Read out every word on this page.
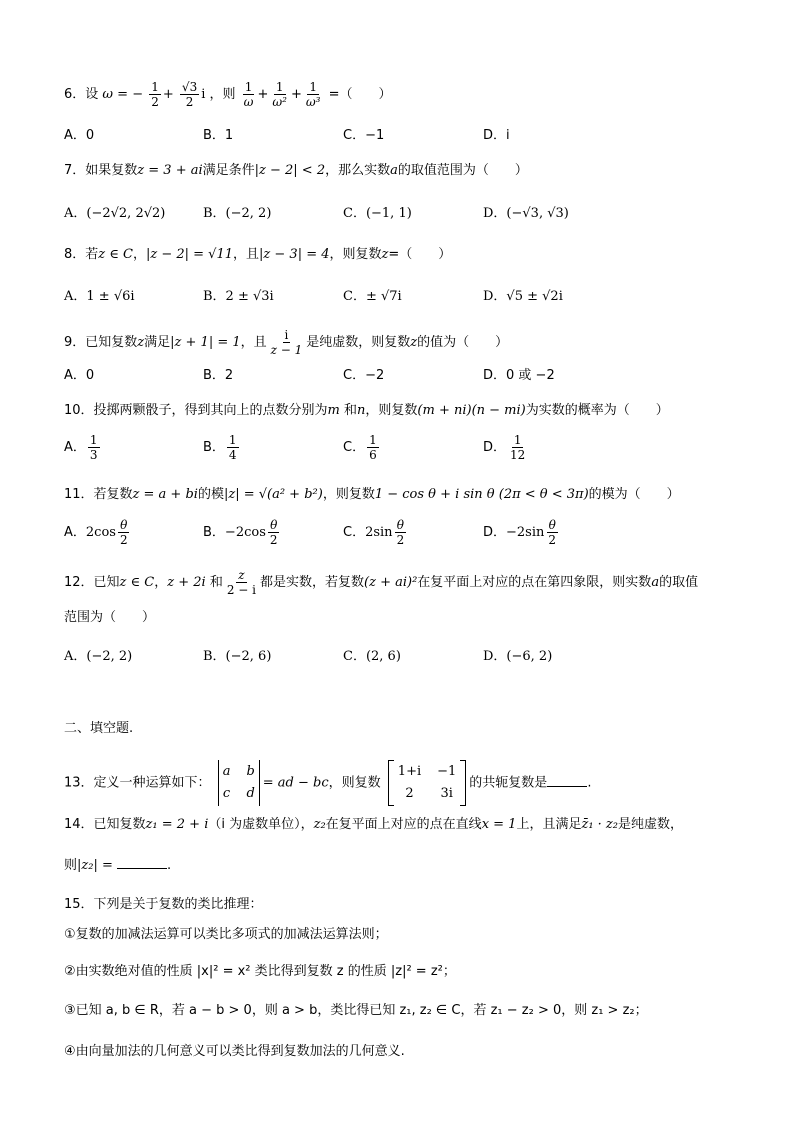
6．设 ω = − $\frac{1}{2} + \frac{√3}{2}$ i ，则 $\frac{1}{\omega} + \frac{1}{\text{ω²}} + \frac{1}{\text{ω³}}$ =（　　）
A．0	B．1	C．−1	D．i
7．如果复数z = 3 + ai满足条件|z − 2| < 2，那么实数a的取值范围为（　　）
A．(−2√2, 2√2)	B．(−2, 2)	C．(−1, 1)	D．(−√3, √3)
8．若z ∈ C，|z − 2| = √11，且|z − 3| = 4，则复数z=（　　）
A．1 ± √6i	B．2 ± √3i	C．± √7i	D．√5 ± √2i
9．已知复数z满足|z + 1| = 1，且 $\frac{i}{z - 1}$ 是纯虚数，则复数z的值为（　　）
A．0	B．2	C．−2	D．0 或 −2
10．投掷两颗骰子，得到其向上的点数分别为m 和n，则复数(m + ni)(n − mi)为实数的概率为（　　）
A． $\frac{1}{3}$	B． $\frac{1}{4}$	C． $\frac{1}{6}$	D． $\frac{1}{12}$
11．若复数z = a + bi的模|z| = √(a² + b²)，则复数1 − cos θ + i sin θ (2π < θ < 3π)的模为（　　）
A．$2\cos \frac{\theta}{2}$	B．$-2\cos \frac{\theta}{2}$	C．$2\sin \frac{\theta}{2}$	D．$-2\sin \frac{\theta}{2}$
12．已知z ∈ C，z + 2i 和 $\frac{z}{2 - i}$ 都是实数，若复数(z + ai)²在复平面上对应的点在第四象限，则实数a的取值
范围为（　　）
A．(−2, 2)	B．(−2, 6)	C．(2, 6)	D．(−6, 2)
二、填空题.
13．定义一种运算如下：
a b
c d
= ad − bc，则复数
1+i −1
2	3i
的共轭复数是	.
14．已知复数z₁ = 2 + i（i 为虚数单位），z₂在复平面上对应的点在直线x = 1上，且满足z̄₁ · z₂是纯虚数，
则|z₂| =	.
15．下列是关于复数的类比推理：
①复数的加减法运算可以类比多项式的加减法运算法则；
②由实数绝对值的性质 |x|² = x² 类比得到复数 z 的性质 |z|² = z²；
③已知 a, b ∈ R，若 a − b > 0，则 a > b，类比得已知 z₁, z₂ ∈ C，若 z₁ − z₂ > 0，则 z₁ > z₂；
④由向量加法的几何意义可以类比得到复数加法的几何意义.
